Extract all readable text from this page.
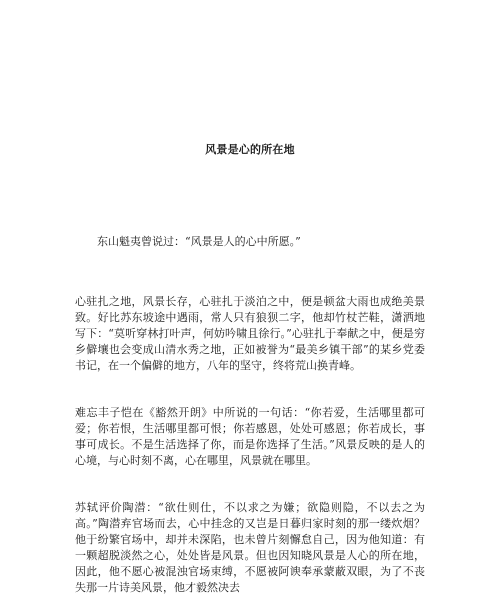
风景是心的所在地

东山魁夷曾说过：“风景是人的心中所愿。”

心驻扎之地，风景长存，心驻扎于淡泊之中，便是顿盆大雨也成绝美景致。好比苏东坡途中遇雨，常人只有狼狈二字，他却竹杖芒鞋，潇洒地写下：“莫听穿林打叶声，何妨吟啸且徐行。”心驻扎于奉献之中，便是穷乡僻壤也会变成山清水秀之地，正如被誉为“最美乡镇干部”的某乡党委书记，在一个偏僻的地方，八年的坚守，终将荒山换青峰。

难忘丰子恺在《豁然开朗》中所说的一句话：“你若爱，生活哪里都可爱；你若恨，生活哪里都可恨；你若感恩，处处可感恩；你若成长，事事可成长。不是生活选择了你，而是你选择了生活。”风景反映的是人的心境，与心时刻不离，心在哪里，风景就在哪里。

苏轼评价陶潜：“欲仕则仕，不以求之为嫌；欲隐则隐，不以去之为高。”陶潜弃官场而去，心中挂念的又岂是日暮归家时刻的那一缕炊烟？他于纷繁官场中，却并未深陷，也未曾片刻懈怠自己，因为他知道：有一颗超脱淡然之心，处处皆是风景。但也因知晓风景是人心的所在地，因此，他不愿心被混浊官场束缚，不愿被阿谀奉承蒙蔽双眼，为了不丧失那一片诗美风景，他才毅然决去
